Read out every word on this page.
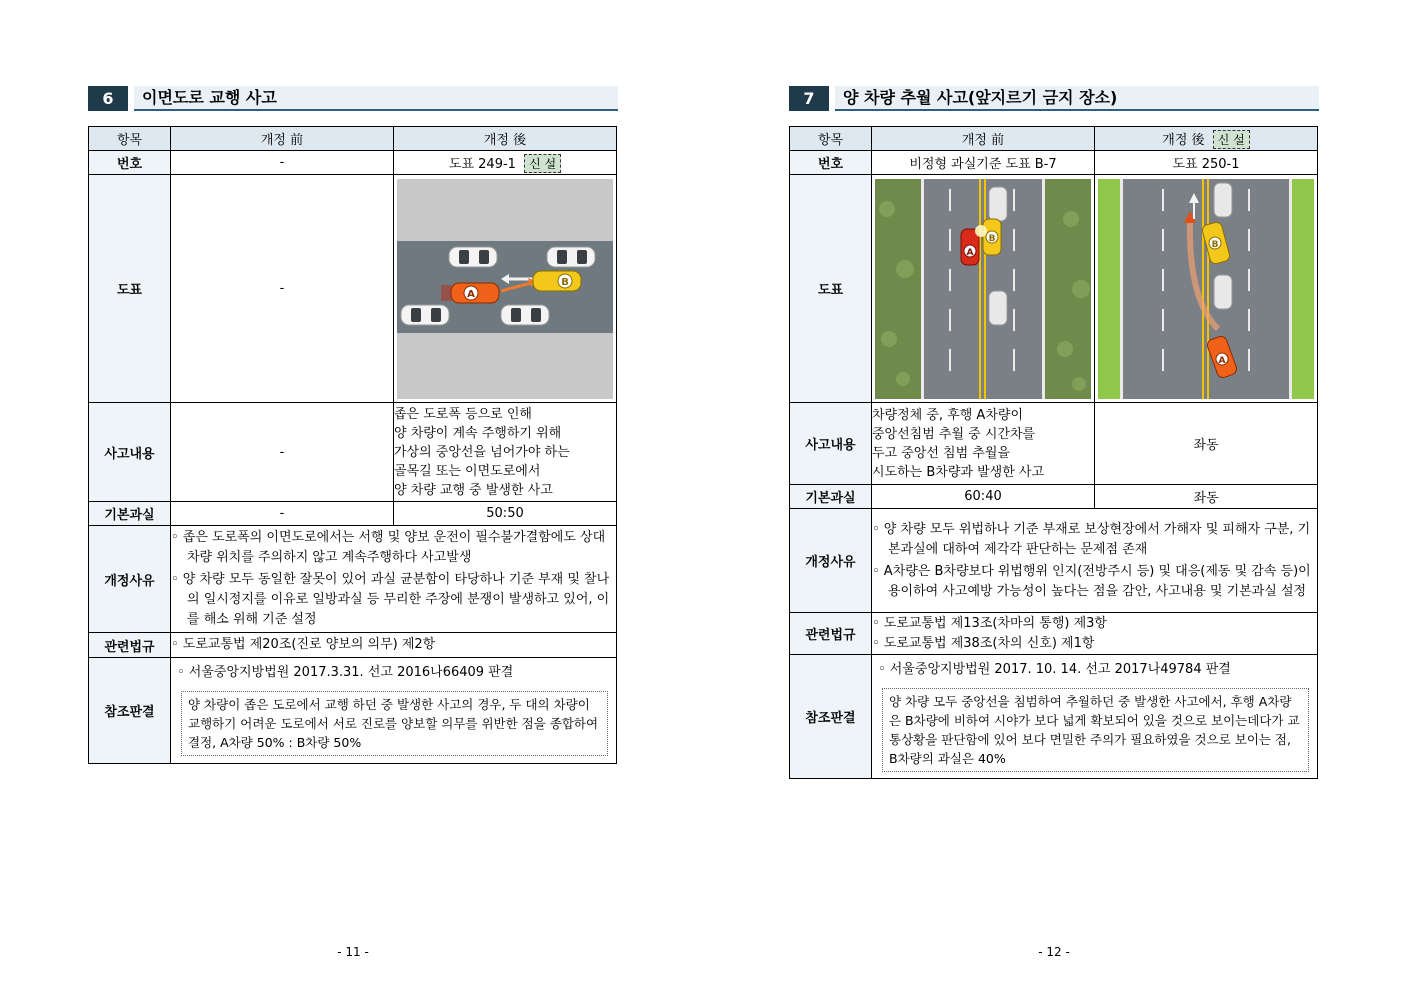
6	이면도로 교행 사고
항목	개정 前	개정 後
번호	-	도표 249-1 신 설
도표	-	B
A

사고내용	-	좁은 도로폭 등으로 인해
양 차량이 계속 주행하기 위해
가상의 중앙선을 넘어가야 하는
골목길 또는 이면도로에서
양 차량 교행 중 발생한 사고

기본과실	-	50:50
개정사유	◦ 좁은 도로폭의 이면도로에서는 서행 및 양보 운전이 필수불가결함에도 상대차량 위치를 주의하지 않고 계속주행하다 사고발생
◦ 양 차량 모두 동일한 잘못이 있어 과실 균분함이 타당하나 기준 부재 및 찰나의 일시정지를 이유로 일방과실 등 무리한 주장에 분쟁이 발생하고 있어, 이를 해소 위해 기준 설정	

관련법규	◦ 도로교통법 제20조(진로 양보의 의무) 제2항	

참조판결	◦ 서울중앙지방법원 2017.3.31. 선고 2016나66409 판결
양 차량이 좁은 도로에서 교행 하던 중 발생한 사고의 경우, 두 대의 차량이 교행하기 어려운 도로에서 서로 진로를 양보할 의무를 위반한 점을 종합하여 결정, A차량 50% : B차량 50%	
- 11 -
7	양 차량 추월 사고(앞지르기 금지 장소)
항목	개정 前	개정 後 신 설
번호	비정형 과실기준 도표 B-7	도표 250-1
도표	B
A	B
A

사고내용	차량정체 중, 후행 A차량이
중앙선침범 추월 중 시간차를
두고 중앙선 침범 추월을
시도하는 B차량과 발생한 사고	좌동
기본과실	60:40	좌동
개정사유	◦ 양 차량 모두 위법하나 기준 부재로 보상현장에서 가해자 및 피해자 구분, 기본과실에 대하여 제각각 판단하는 문제점 존재
◦ A차량은 B차량보다 위법행위 인지(전방주시 등) 및 대응(제동 및 감속 등)이 용이하여 사고예방 가능성이 높다는 점을 감안, 사고내용 및 기본과실 설정	

관련법규	◦ 도로교통법 제13조(차마의 통행) 제3항
◦ 도로교통법 제38조(차의 신호) 제1항	

참조판결	◦ 서울중앙지방법원 2017. 10. 14. 선고 2017나49784 판결
양 차량 모두 중앙선을 침범하여 추월하던 중 발생한 사고에서, 후행 A차량은 B차량에 비하여 시야가 보다 넓게 확보되어 있을 것으로 보이는데다가 교통상황을 판단함에 있어 보다 면밀한 주의가 필요하였을 것으로 보이는 점, B차량의 과실은 40%	
- 12 -
